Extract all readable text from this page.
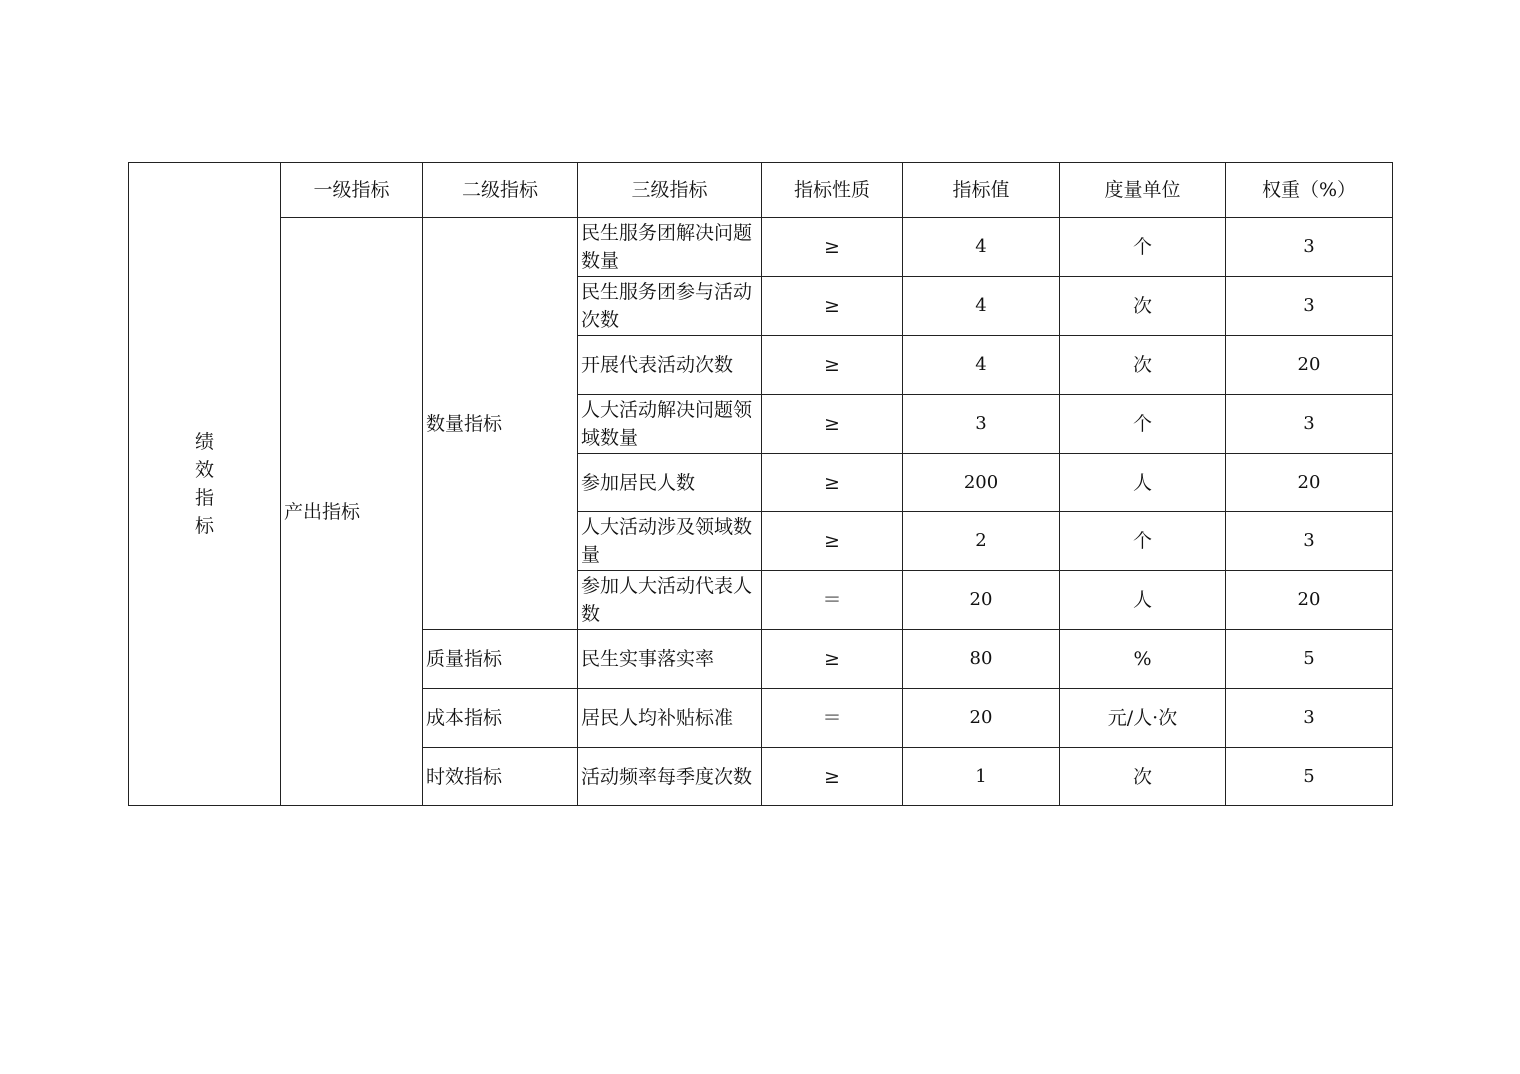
绩效指标	一级指标	二级指标	三级指标	指标性质	指标值	度量单位	权重（%）
	产出指标	数量指标	民生服务团解决问题数量	≥	4	个	3
			民生服务团参与活动次数	≥	4	次	3
			开展代表活动次数	≥	4	次	20
			人大活动解决问题领域数量	≥	3	个	3
			参加居民人数	≥	200	人	20
			人大活动涉及领域数量	≥	2	个	3
			参加人大活动代表人数	＝	20	人	20
		质量指标	民生实事落实率	≥	80	%	5
		成本指标	居民人均补贴标准	＝	20	元/人·次	3
		时效指标	活动频率每季度次数	≥	1	次	5
